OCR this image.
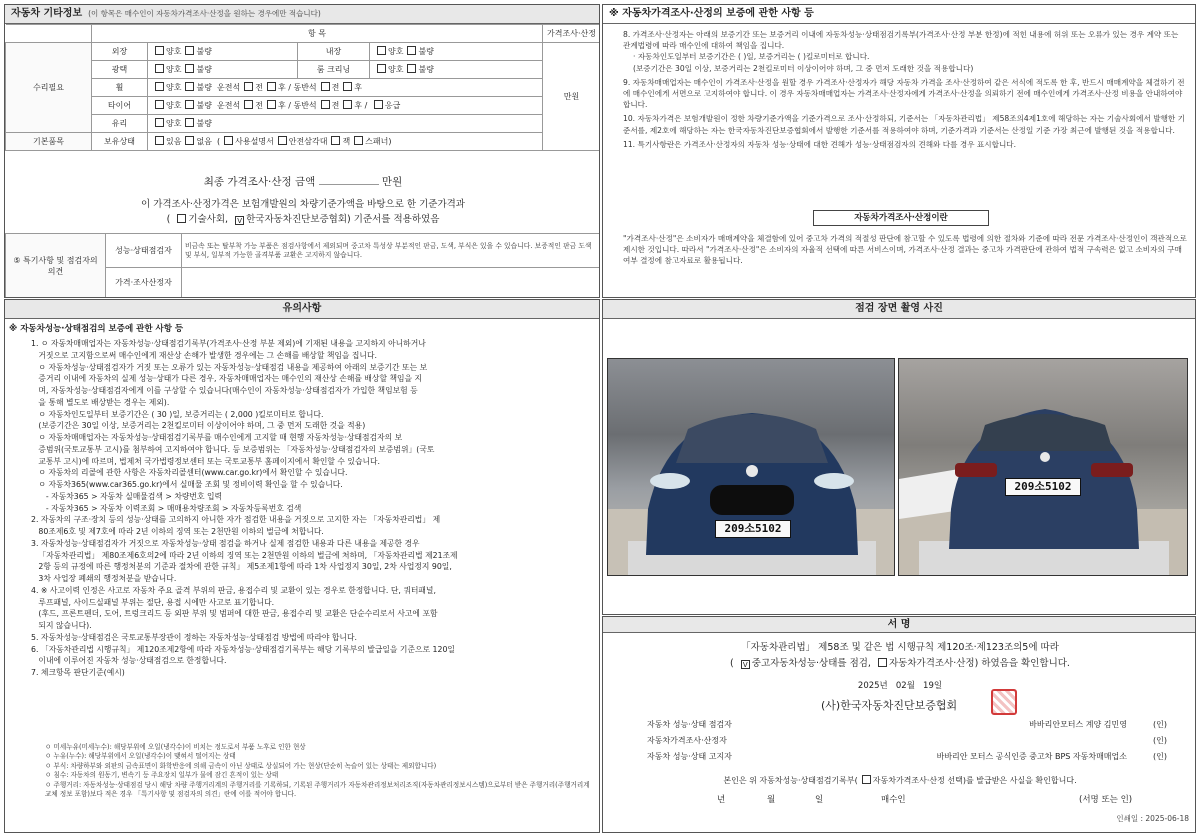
자동차 기타정보 (이 항목은 매수인이 자동차가격조사·산정을 원하는 경우에만 적습니다)
	항 목				가격조사·산정
수리필요	외장	양호 불량	내장	양호 불량	만원
	광택	양호 불량	룸 크리닝	양호 불량	
	휠	양호 불량 운전석 전 후 / 동반석 전 후			
	타이어	양호 불량 운전석 전 후 / 동반석 전 후 / 응급			
	유리	양호 불량			
기본품목	보유상태	있음 없음  ( 사용설명서 안전삼각대 잭 스패너)			
최종 가격조사·산정 금액	만원
이 가격조사·산정가격은 보험개발원의 차량기준가액을 바탕으로 한 기준가격과
( 기술사회, V 한국자동차진단보증협회) 기준서를 적용하였음
⑤ 특기사항 및 점검자의 의견	성능·상태점검자	비금속 또는 탈부착 가능 부품은 점검사항에서 제외되며 중고차 특성상 부분적인 판금, 도색, 부식은 있을 수 있습니다. 보증적인 판금 도색 및 부식, 일부적 가능한 골격부품 교환은 고지하지 않습니다.
	가격·조사산정자	
※ 자동차가격조사·산정의 보증에 관한 사항 등

8. 가격조사·산정자는 아래의 보증기간 또는 보증거리 이내에 자동차성능·상태점검기록부(가격조사·산정 부분 한정)에 적힌 내용에 허위 또는 오류가 있는 경우 계약 또는 관계법령에 따라 매수인에 대하여 책임을 집니다.

· 자동차인도일부터 보증기간은 ( )일, 보증거리는 ( )킬로미터로 합니다.

(보증기간은 30일 이상, 보증거리는 2천킬로미터 이상이어야 하며, 그 중 먼저 도래한 것을 적용합니다)

9. 자동차매매업자는 매수인이 가격조사·산정을 원할 경우 가격조사·산정자가 해당 자동차 가격을 조사·산정하여 같은 서식에 적도록 한 후, 반드시 매매계약을 체결하기 전에 매수인에게 서면으로 고지하여야 합니다. 이 경우 자동차매매업자는 가격조사·산정자에게 가격조사·산정을 의뢰하기 전에 매수인에게 가격조사·산정 비용을 안내하여야 합니다.

10. 자동차가격은 보험개발원이 정한 차량기준가액을 기준가격으로 조사·산정하되, 기준서는 「자동차관리법」 제58조의4제1호에 해당하는 자는 기술사회에서 발행한 기준서를, 제2호에 해당하는 자는 한국자동차진단보증협회에서 발행한 기준서를 적용하여야 하며, 기준가격과 기준서는 산정일 기준 가장 최근에 발행된 것을 적용합니다.

11. 특기사항란은 가격조사·산정자의 자동차 성능·상태에 대한 견해가 성능·상태점검자의 견해와 다를 경우 표시합니다.

자동차가격조사·산정이란
"가격조사·산정"은 소비자가 매매계약을 체결함에 있어 중고차 가격의 적절성 판단에 참고할 수 있도록 법령에 의한 절차와 기준에 따라 전문 가격조사·산정인이 객관적으로 제시한 것입니다. 따라서 "가격조사·산정"은 소비자의 자율적 선택에 따른 서비스이며, 가격조사·산정 결과는 중고차 가격판단에 관하여 법적 구속력은 없고 소비자의 구매여부 결정에 참고자료로 활용됩니다.
유의사항
※ 자동차성능·상태점검의 보증에 관한 사항 등

1. ㅇ 자동차매매업자는 자동차성능·상태점검기록부(가격조사·산정 부분 제외)에 기재된 내용을 고지하지 아니하거나

거짓으로 고지함으로써 매수인에게 재산상 손해가 발생한 경우에는 그 손해를 배상할 책임을 집니다.

ㅇ 자동차성능·상태점검자가 거짓 또는 오류가 있는 자동차성능·상태점검 내용을 제공하여 아래의 보증기간 또는 보

증거리 이내에 자동차의 실제 성능·상태가 다른 경우, 자동차매매업자는 매수인의 재산상 손해를 배상할 책임을 지

며, 자동차성능·상태점검자에게 이를 구상할 수 있습니다(매수인이 자동차성능·상태점검자가 가입한 책임보험 등

을 통해 별도로 배상받는 경우는 제외).

ㅇ 자동차인도일부터 보증기간은 ( 30 )일, 보증거리는 ( 2,000 )킬로미터로 합니다.

(보증기간은 30일 이상, 보증거리는 2천킬로미터 이상이어야 하며, 그 중 먼저 도래한 것을 적용)

ㅇ 자동차매매업자는 자동차성능·상태점검기록부를 매수인에게 고지할 때 현행 자동차성능·상태점검자의 보

증범위(국토교통부 고시)를 첨부하여 고지하여야 합니다. 등 보증범위는 「자동차성능·상태점검자의 보증범위」(국토

교통부 고시)에 따르며, 법제처 국가법령정보센터 또는 국토교통부 홈페이지에서 확인할 수 있습니다.

ㅇ 자동차의 리콜에 관한 사항은 자동차리콜센터(www.car.go.kr)에서 확인할 수 있습니다.

ㅇ 자동차365(www.car365.go.kr)에서 실매물 조회 및 정비이력 확인을 할 수 있습니다.

- 자동차365 > 자동차 실매물검색 > 차량번호 입력

- 자동차365 > 자동차 이력조회 > 매매용차량조회 > 자동차등록번호 검색

2. 자동차의 구조·장치 등의 성능·상태를 고의하지 아니한 자가 점검한 내용을 거짓으로 고지한 자는 「자동차관리법」 제

80조제6호 및 제7호에 따라 2년 이하의 징역 또는 2천만원 이하의 벌금에 처합니다.

3. 자동차성능·상태점검자가 거짓으로 자동차성능·상태 점검을 하거나 실제 점검한 내용과 다른 내용을 제공한 경우

「자동차관리법」 제80조제6호의2에 따라 2년 이하의 징역 또는 2천만원 이하의 벌금에 처하며, 「자동차관리법 제21조제

2항 등의 규정에 따른 행정처분의 기준과 절차에 관한 규칙」 제5조제1항에 따라 1차 사업정지 30일, 2차 사업정지 90일,

3차 사업장 폐쇄의 행정처분을 받습니다.

4. ※ 사고이력 인정은 사고로 자동차 주요 골격 부위의 판금, 용접수리 및 교환이 있는 경우로 한정합니다. 단, 쿼터패널,

루프패널, 사이드실패널 부위는 절단, 용접 시에만 사고로 표기합니다.

(후드, 프론트펜더, 도어, 트렁크리드 등 외판 부위 및 범퍼에 대한 판금, 용접수리 및 교환은 단순수리로서 사고에 포함

되지 않습니다).

5. 자동차성능·상태점검은 국토교통부장관이 정하는 자동차성능·상태점검 방법에 따라야 합니다.

6. 「자동차관리법 시행규칙」 제120조제2항에 따라 자동차성능·상태점검기록부는 해당 기록부의 발급일을 기준으로 120일

이내에 이루어진 자동차 성능·상태점검으로 한정합니다.

7. 체크항목 판단기준(예시)

ㅇ 미세누유(미세누수): 해당부위에 오일(냉각수)이 비치는 정도로서 부품 노후로 인한 현상

ㅇ 누유(누수): 해당부위에서 오일(냉각수)이 맺혀서 떨어지는 상태

ㅇ 부식: 차량하부와 외판의 금속표면이 화학반응에 의해 금속이 아닌 상태로 상실되어 가는 현상(단순히 녹슬어 있는 상태는 제외합니다)

ㅇ 침수: 자동차의 원동기, 변속기 등 주요장치 일부가 물에 잠긴 흔적이 있는 상태

ㅇ 주행거리: 자동차성능·상태점검 당시 해당 차량 주행거리계의 주행거리를 기록하되, 기록된 주행거리가 자동차관리정보처리조직(자동차관리정보시스템)으로부터 받은 주행거리(주행거리계 교체 정보 포함)보다 적은 경우 「특기사항 및 점검자의 의견」란에 이를 적어야 합니다.

점검 장면 촬영 사진
209소5102
209소5102
서 명
「자동차관리법」 제58조 및 같은 법 시행규칙 제120조·제123조의5에 따라
( V 중고자동차성능·상태를 점검, 자동차가격조사·산정) 하였음을 확인합니다.
2025년 02월 19일
(사)한국자동차진단보증협회
자동차 성능·상태 점검자	바바리안모터스 계양 김민영	(인)
자동차가격조사·산정자	(인)
자동차 성능·상태 고지자	바바리안 모터스 공식인증 중고차 BPS 자동차매매업소	(인)
본인은 위 자동차성능·상태점검기록부( 자동차가격조사·산정 선택)를 발급받은 사실을 확인합니다.
년	월	일	매수인	(서명 또는 인)
인쇄일 : 2025-06-18
